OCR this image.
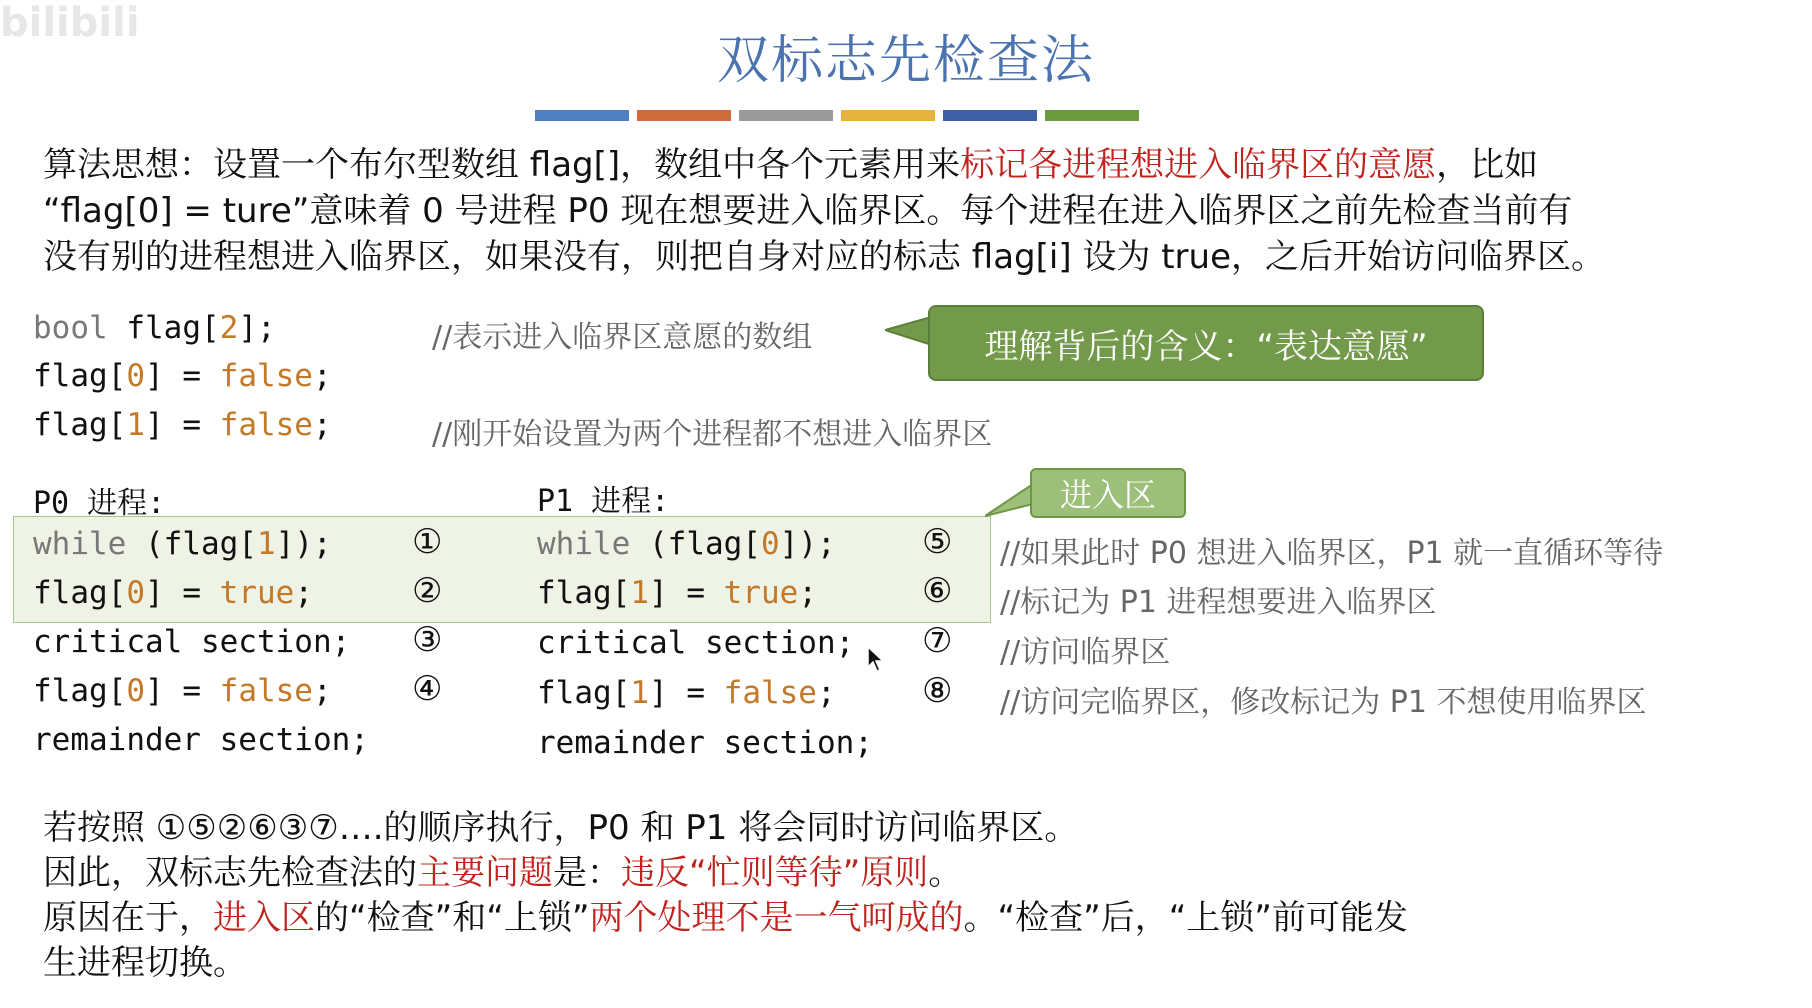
bilibili
双标志先检查法
算法思想：设置一个布尔型数组 flag[]，数组中各个元素用来标记各进程想进入临界区的意愿，比如
“flag[0] = ture”意味着 0 号进程 P0 现在想要进入临界区。每个进程在进入临界区之前先检查当前有
没有别的进程想进入临界区，如果没有，则把自身对应的标志 flag[i] 设为 true，之后开始访问临界区。
bool flag[2];	//表示进入临界区意愿的数组
flag[0] = false;
flag[1] = false;	//刚开始设置为两个进程都不想进入临界区
理解背后的含义：“表达意愿”
进入区
P0 进程:
while (flag[1]);
flag[0] = true;
critical section;
flag[0] = false;
remainder section;
①
②
③
④
P1 进程:
while (flag[0]);
flag[1] = true;
critical section;
flag[1] = false;
remainder section;
⑤
⑥
⑦
⑧
//如果此时 P0 想进入临界区，P1 就一直循环等待
//标记为 P1 进程想要进入临界区
//访问临界区
//访问完临界区，修改标记为 P1 不想使用临界区
若按照 ①⑤②⑥③⑦….的顺序执行，P0 和 P1 将会同时访问临界区。
因此，双标志先检查法的主要问题是：违反“忙则等待”原则。
原因在于，进入区的“检查”和“上锁”两个处理不是一气呵成的。“检查”后，“上锁”前可能发
生进程切换。
